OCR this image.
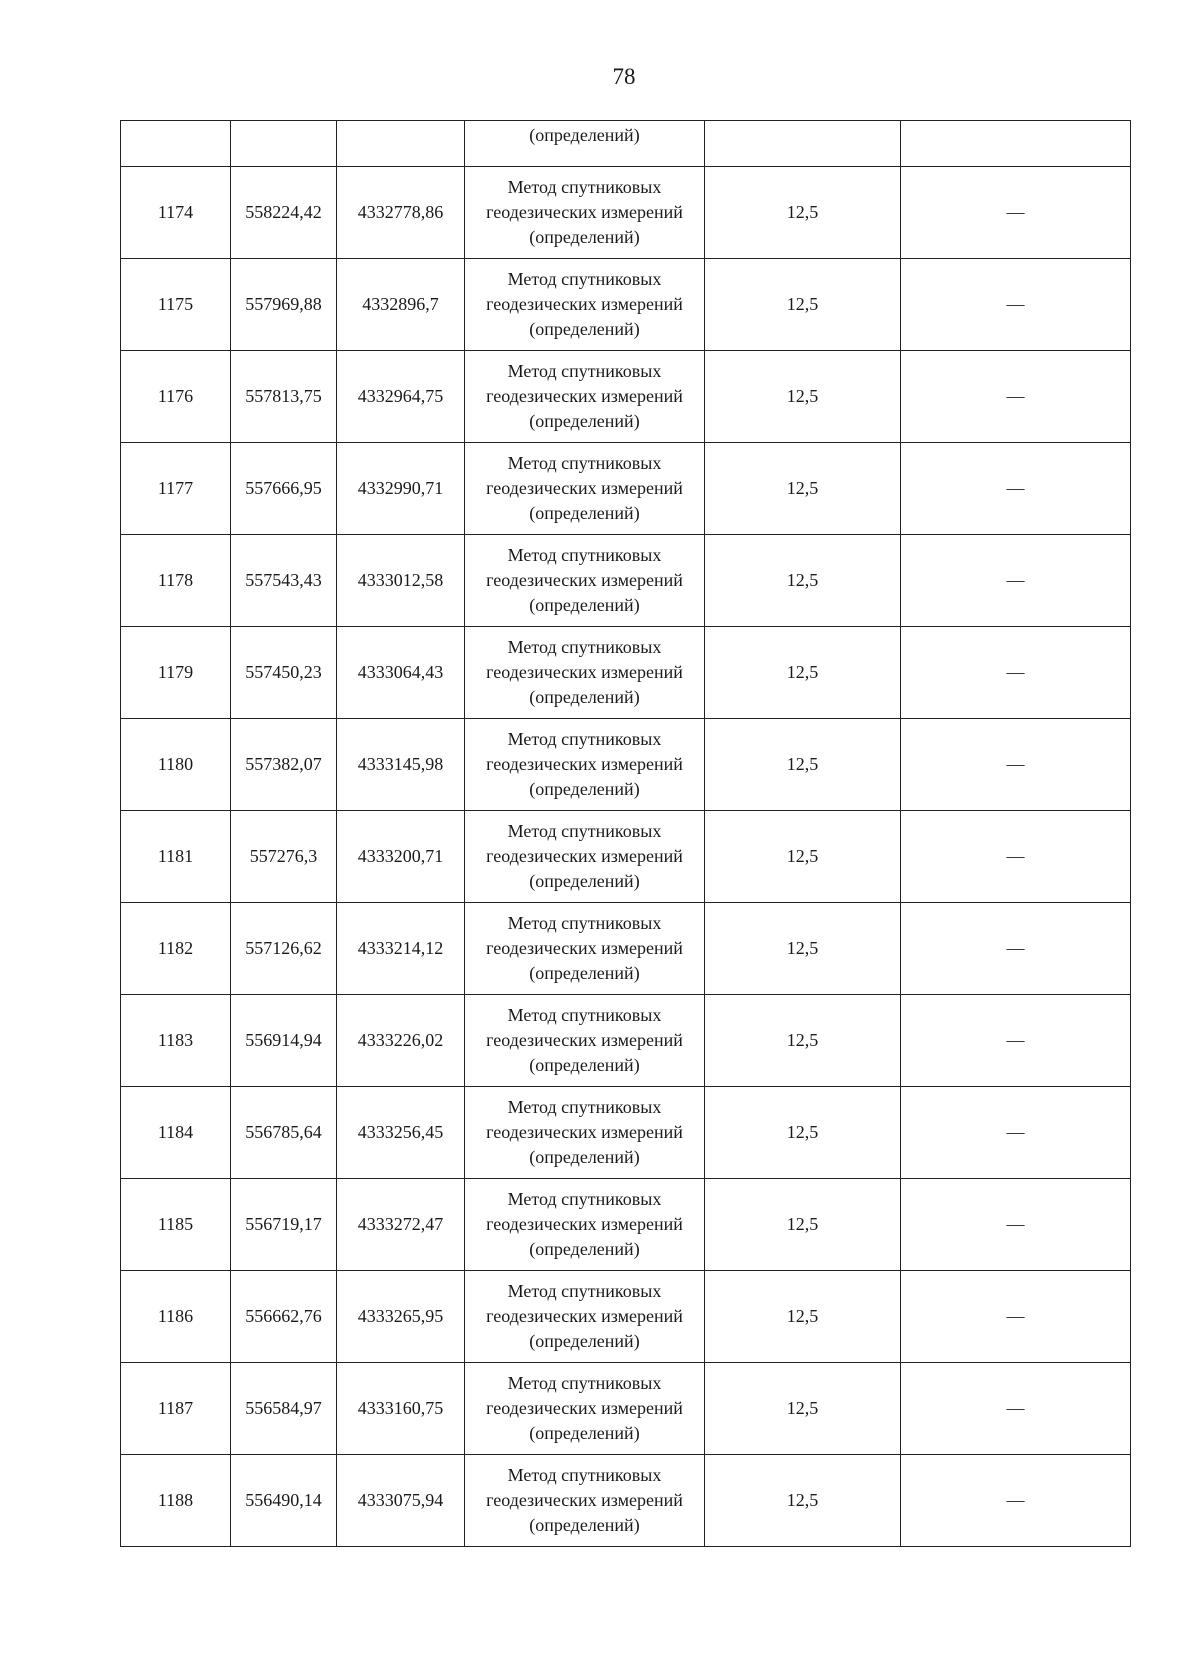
78
			(определений)		
1174	558224,42	4332778,86	Метод спутниковых
геодезических измерений
(определений)	12,5	—
1175	557969,88	4332896,7	Метод спутниковых
геодезических измерений
(определений)	12,5	—
1176	557813,75	4332964,75	Метод спутниковых
геодезических измерений
(определений)	12,5	—
1177	557666,95	4332990,71	Метод спутниковых
геодезических измерений
(определений)	12,5	—
1178	557543,43	4333012,58	Метод спутниковых
геодезических измерений
(определений)	12,5	—
1179	557450,23	4333064,43	Метод спутниковых
геодезических измерений
(определений)	12,5	—
1180	557382,07	4333145,98	Метод спутниковых
геодезических измерений
(определений)	12,5	—
1181	557276,3	4333200,71	Метод спутниковых
геодезических измерений
(определений)	12,5	—
1182	557126,62	4333214,12	Метод спутниковых
геодезических измерений
(определений)	12,5	—
1183	556914,94	4333226,02	Метод спутниковых
геодезических измерений
(определений)	12,5	—
1184	556785,64	4333256,45	Метод спутниковых
геодезических измерений
(определений)	12,5	—
1185	556719,17	4333272,47	Метод спутниковых
геодезических измерений
(определений)	12,5	—
1186	556662,76	4333265,95	Метод спутниковых
геодезических измерений
(определений)	12,5	—
1187	556584,97	4333160,75	Метод спутниковых
геодезических измерений
(определений)	12,5	—
1188	556490,14	4333075,94	Метод спутниковых
геодезических измерений
(определений)	12,5	—
